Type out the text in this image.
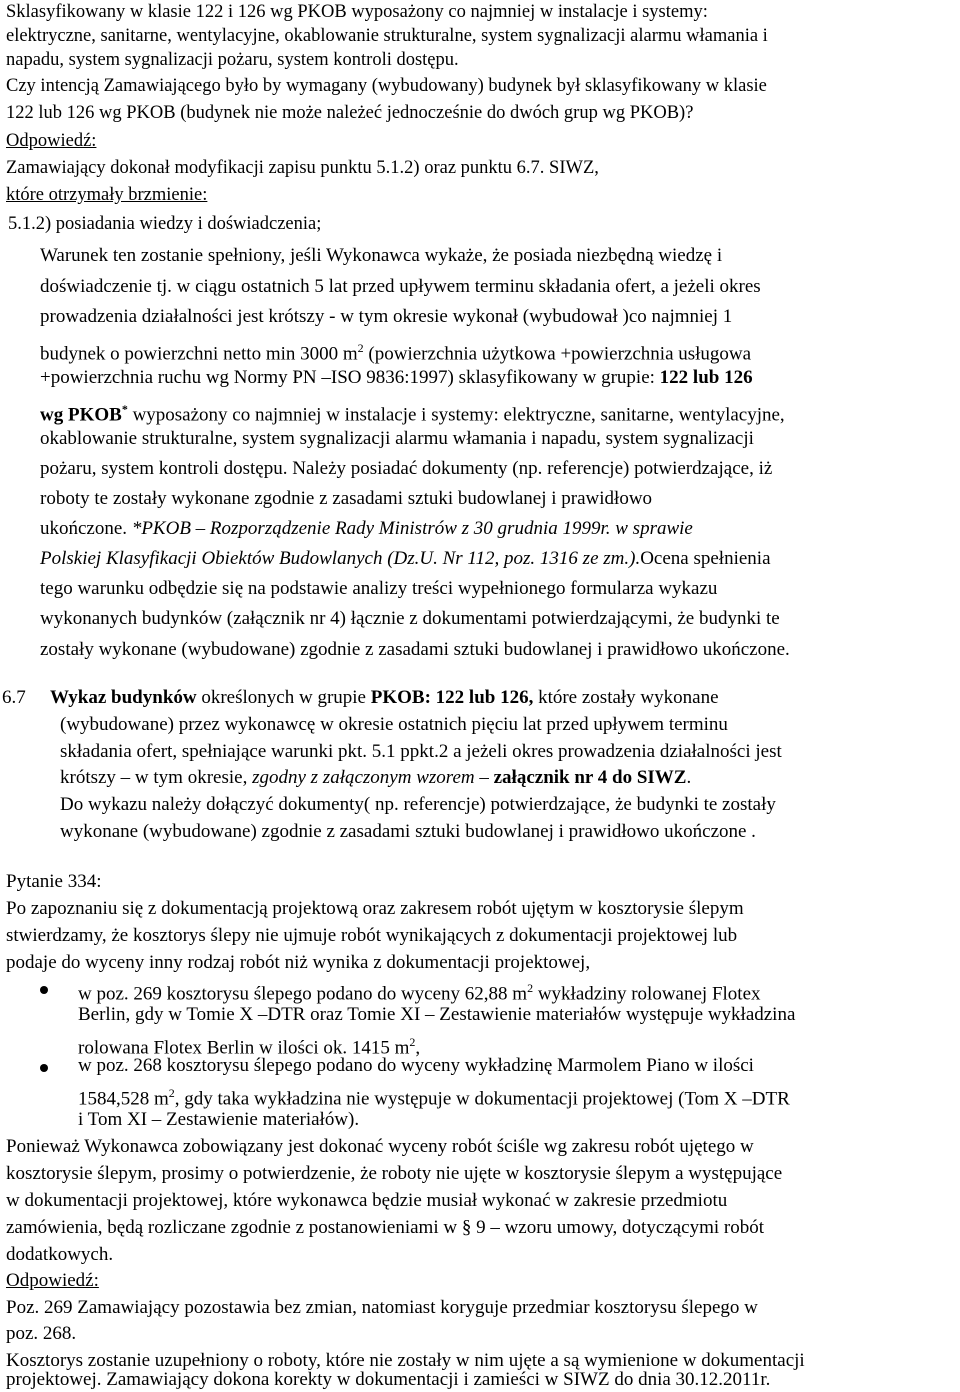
Sklasyfikowany w klasie 122 i 126 wg PKOB wyposażony co najmniej w instalacje i systemy:
elektryczne, sanitarne, wentylacyjne, okablowanie strukturalne, system sygnalizacji alarmu włamania i
napadu, system sygnalizacji pożaru, system kontroli dostępu.
Czy intencją Zamawiającego było by wymagany (wybudowany) budynek był sklasyfikowany w klasie
122 lub 126 wg PKOB (budynek nie może należeć jednocześnie do dwóch grup wg PKOB)?
Odpowiedź:
Zamawiający dokonał modyfikacji zapisu punktu 5.1.2) oraz punktu 6.7. SIWZ,
które otrzymały brzmienie:
5.1.2) posiadania wiedzy i doświadczenia;
Warunek ten zostanie spełniony, jeśli Wykonawca wykaże, że posiada niezbędną wiedzę i
doświadczenie tj. w ciągu ostatnich 5 lat przed upływem terminu składania ofert, a jeżeli okres
prowadzenia działalności jest krótszy - w tym okresie wykonał (wybudował )co najmniej 1
budynek o powierzchni netto min 3000 $m^2$ (powierzchnia użytkowa +powierzchnia usługowa
+powierzchnia ruchu wg Normy PN –ISO 9836:1997) sklasyfikowany w grupie: 122 lub 126
wg PKOB* wyposażony co najmniej w instalacje i systemy: elektryczne, sanitarne, wentylacyjne,
okablowanie strukturalne, system sygnalizacji alarmu włamania i napadu, system sygnalizacji
pożaru, system kontroli dostępu. Należy posiadać dokumenty (np. referencje) potwierdzające, iż
roboty te zostały wykonane zgodnie z zasadami sztuki budowlanej i prawidłowo
ukończone. *PKOB – Rozporządzenie Rady Ministrów z 30 grudnia 1999r. w sprawie
Polskiej Klasyfikacji Obiektów Budowlanych (Dz.U. Nr 112, poz. 1316 ze zm.).Ocena spełnienia
tego warunku odbędzie się na podstawie analizy treści wypełnionego formularza wykazu
wykonanych budynków (załącznik nr 4) łącznie z dokumentami potwierdzającymi, że budynki te
zostały wykonane (wybudowane) zgodnie z zasadami sztuki budowlanej i prawidłowo ukończone.
6.7 Wykaz budynków określonych w grupie PKOB: 122 lub 126, które zostały wykonane
(wybudowane) przez wykonawcę w okresie ostatnich pięciu lat przed upływem terminu
składania ofert, spełniające warunki pkt. 5.1 ppkt.2 a jeżeli okres prowadzenia działalności jest
krótszy – w tym okresie, zgodny z załączonym wzorem – załącznik nr 4 do SIWZ.
Do wykazu należy dołączyć dokumenty( np. referencje) potwierdzające, że budynki te zostały
wykonane (wybudowane) zgodnie z zasadami sztuki budowlanej i prawidłowo ukończone .
Pytanie 334:
Po zapoznaniu się z dokumentacją projektową oraz zakresem robót ujętym w kosztorysie ślepym
stwierdzamy, że kosztorys ślepy nie ujmuje robót wynikających z dokumentacji projektowej lub
podaje do wyceny inny rodzaj robót niż wynika z dokumentacji projektowej,
w poz. 269 kosztorysu ślepego podano do wyceny 62,88 $m^2$ wykładziny rolowanej Flotex
Berlin, gdy w Tomie X –DTR oraz Tomie XI – Zestawienie materiałów występuje wykładzina
rolowana Flotex Berlin w ilości ok. 1415 $m^2$,
w poz. 268 kosztorysu ślepego podano do wyceny wykładzinę Marmolem Piano w ilości
1584,528 $m^2$, gdy taka wykładzina nie występuje w dokumentacji projektowej (Tom X –DTR
i Tom XI – Zestawienie materiałów).
Ponieważ Wykonawca zobowiązany jest dokonać wyceny robót ściśle wg zakresu robót ujętego w
kosztorysie ślepym, prosimy o potwierdzenie, że roboty nie ujęte w kosztorysie ślepym a występujące
w dokumentacji projektowej, które wykonawca będzie musiał wykonać w zakresie przedmiotu
zamówienia, będą rozliczane zgodnie z postanowieniami w § 9 – wzoru umowy, dotyczącymi robót
dodatkowych.
Odpowiedź:
Poz. 269 Zamawiający pozostawia bez zmian, natomiast koryguje przedmiar kosztorysu ślepego w
poz. 268.
Kosztorys zostanie uzupełniony o roboty, które nie zostały w nim ujęte a są wymienione w dokumentacji
projektowej. Zamawiający dokona korekty w dokumentacji i zamieści w SIWZ do dnia 30.12.2011r.
